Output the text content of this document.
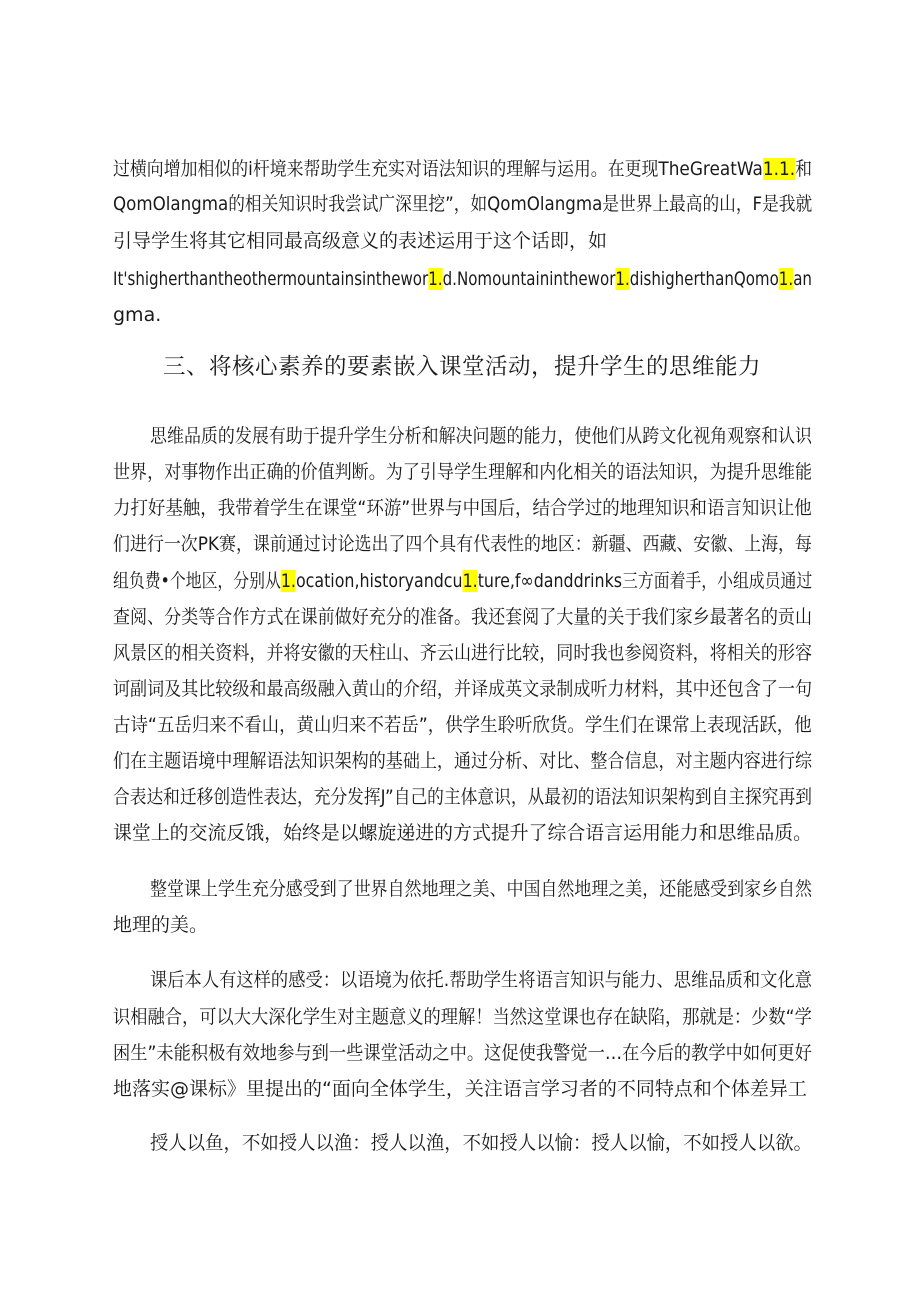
过横向增加相似的i杆境来帮助学生充实对语法知识的理解与运用。在更现TheGreatWa1.1.和
QomOlangma的相关知识时我尝试广深里挖”，如QomOlangma是世界上最高的山，F是我就
引导学生将其它相同最高级意义的表述运用于这个话即，如
It'shigherthantheothermountainsinthewor1.d.Nomountaininthewor1.dishigherthanQomo1.an
gma.
三、将核心素养的要素嵌入课堂活动，提升学生的思维能力
思维品质的发展有助于提升学生分析和解决问题的能力，使他们从跨文化视角观察和认识
世界，对事物作出正确的价值判断。为了引导学生理解和内化相关的语法知识，为提升思维能
力打好基触，我带着学生在课堂“环游”世界与中国后，结合学过的地理知识和语言知识让他
们进行一次PK赛，课前通过讨论选出了四个具有代表性的地区：新疆、西藏、安徽、上海，每
组负费•个地区，分别从1.ocation,historyandcu1.ture,f∞danddrinks三方面着手，小组成员通过
查阅、分类等合作方式在课前做好充分的准备。我还套阅了大量的关于我们家乡最著名的贡山
风景区的相关资料，并将安徽的天柱山、齐云山进行比较，同时我也参阅资料，将相关的形容
诃副词及其比较级和最高级融入黄山的介绍，并译成英文录制成听力材料，其中还包含了一句
古诗“五岳归来不看山，黄山归来不若岳”，供学生聆听欣货。学生们在课常上表现活跃，他
们在主题语境中理解语法知识架构的基础上，通过分析、对比、整合信息，对主题内容进行综
合表达和迁移创造性表达，充分发挥J”自己的主体意识，从最初的语法知识架构到自主探究再到
课堂上的交流反饿，始终是以螺旋递进的方式提升了综合语言运用能力和思维品质。
整堂课上学生充分感受到了世界自然地理之美、中国自然地理之美，还能感受到家乡自然
地理的美。
课后本人有这样的感受：以语境为依托.帮助学生将语言知识与能力、思维品质和文化意
识相融合，可以大大深化学生对主题意义的理解！当然这堂课也存在缺陷，那就是：少数“学
困生”未能积极有效地参与到一些课堂活动之中。这促使我警觉一…在今后的教学中如何更好
地落实@课标》里提出的“面向全体学生，关注语言学习者的不同特点和个体差异工
授人以鱼，不如授人以渔：授人以渔，不如授人以愉：授人以愉，不如授人以欲。
